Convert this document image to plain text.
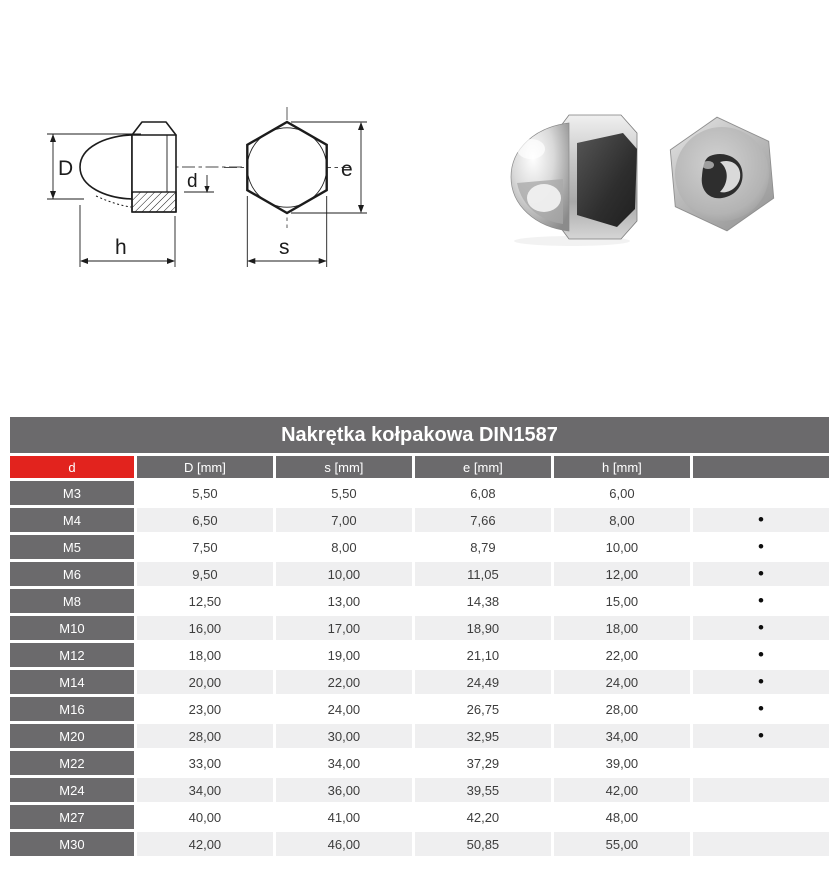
D
d
h
e
s
Nakrętka kołpakowa DIN1587					
d	D [mm]	s [mm]	e [mm]	h [mm]	
M3	5,50	5,50	6,08	6,00	
M4	6,50	7,00	7,66	8,00	•
M5	7,50	8,00	8,79	10,00	•
M6	9,50	10,00	11,05	12,00	•
M8	12,50	13,00	14,38	15,00	•
M10	16,00	17,00	18,90	18,00	•
M12	18,00	19,00	21,10	22,00	•
M14	20,00	22,00	24,49	24,00	•
M16	23,00	24,00	26,75	28,00	•
M20	28,00	30,00	32,95	34,00	•
M22	33,00	34,00	37,29	39,00	
M24	34,00	36,00	39,55	42,00	
M27	40,00	41,00	42,20	48,00	
M30	42,00	46,00	50,85	55,00	
